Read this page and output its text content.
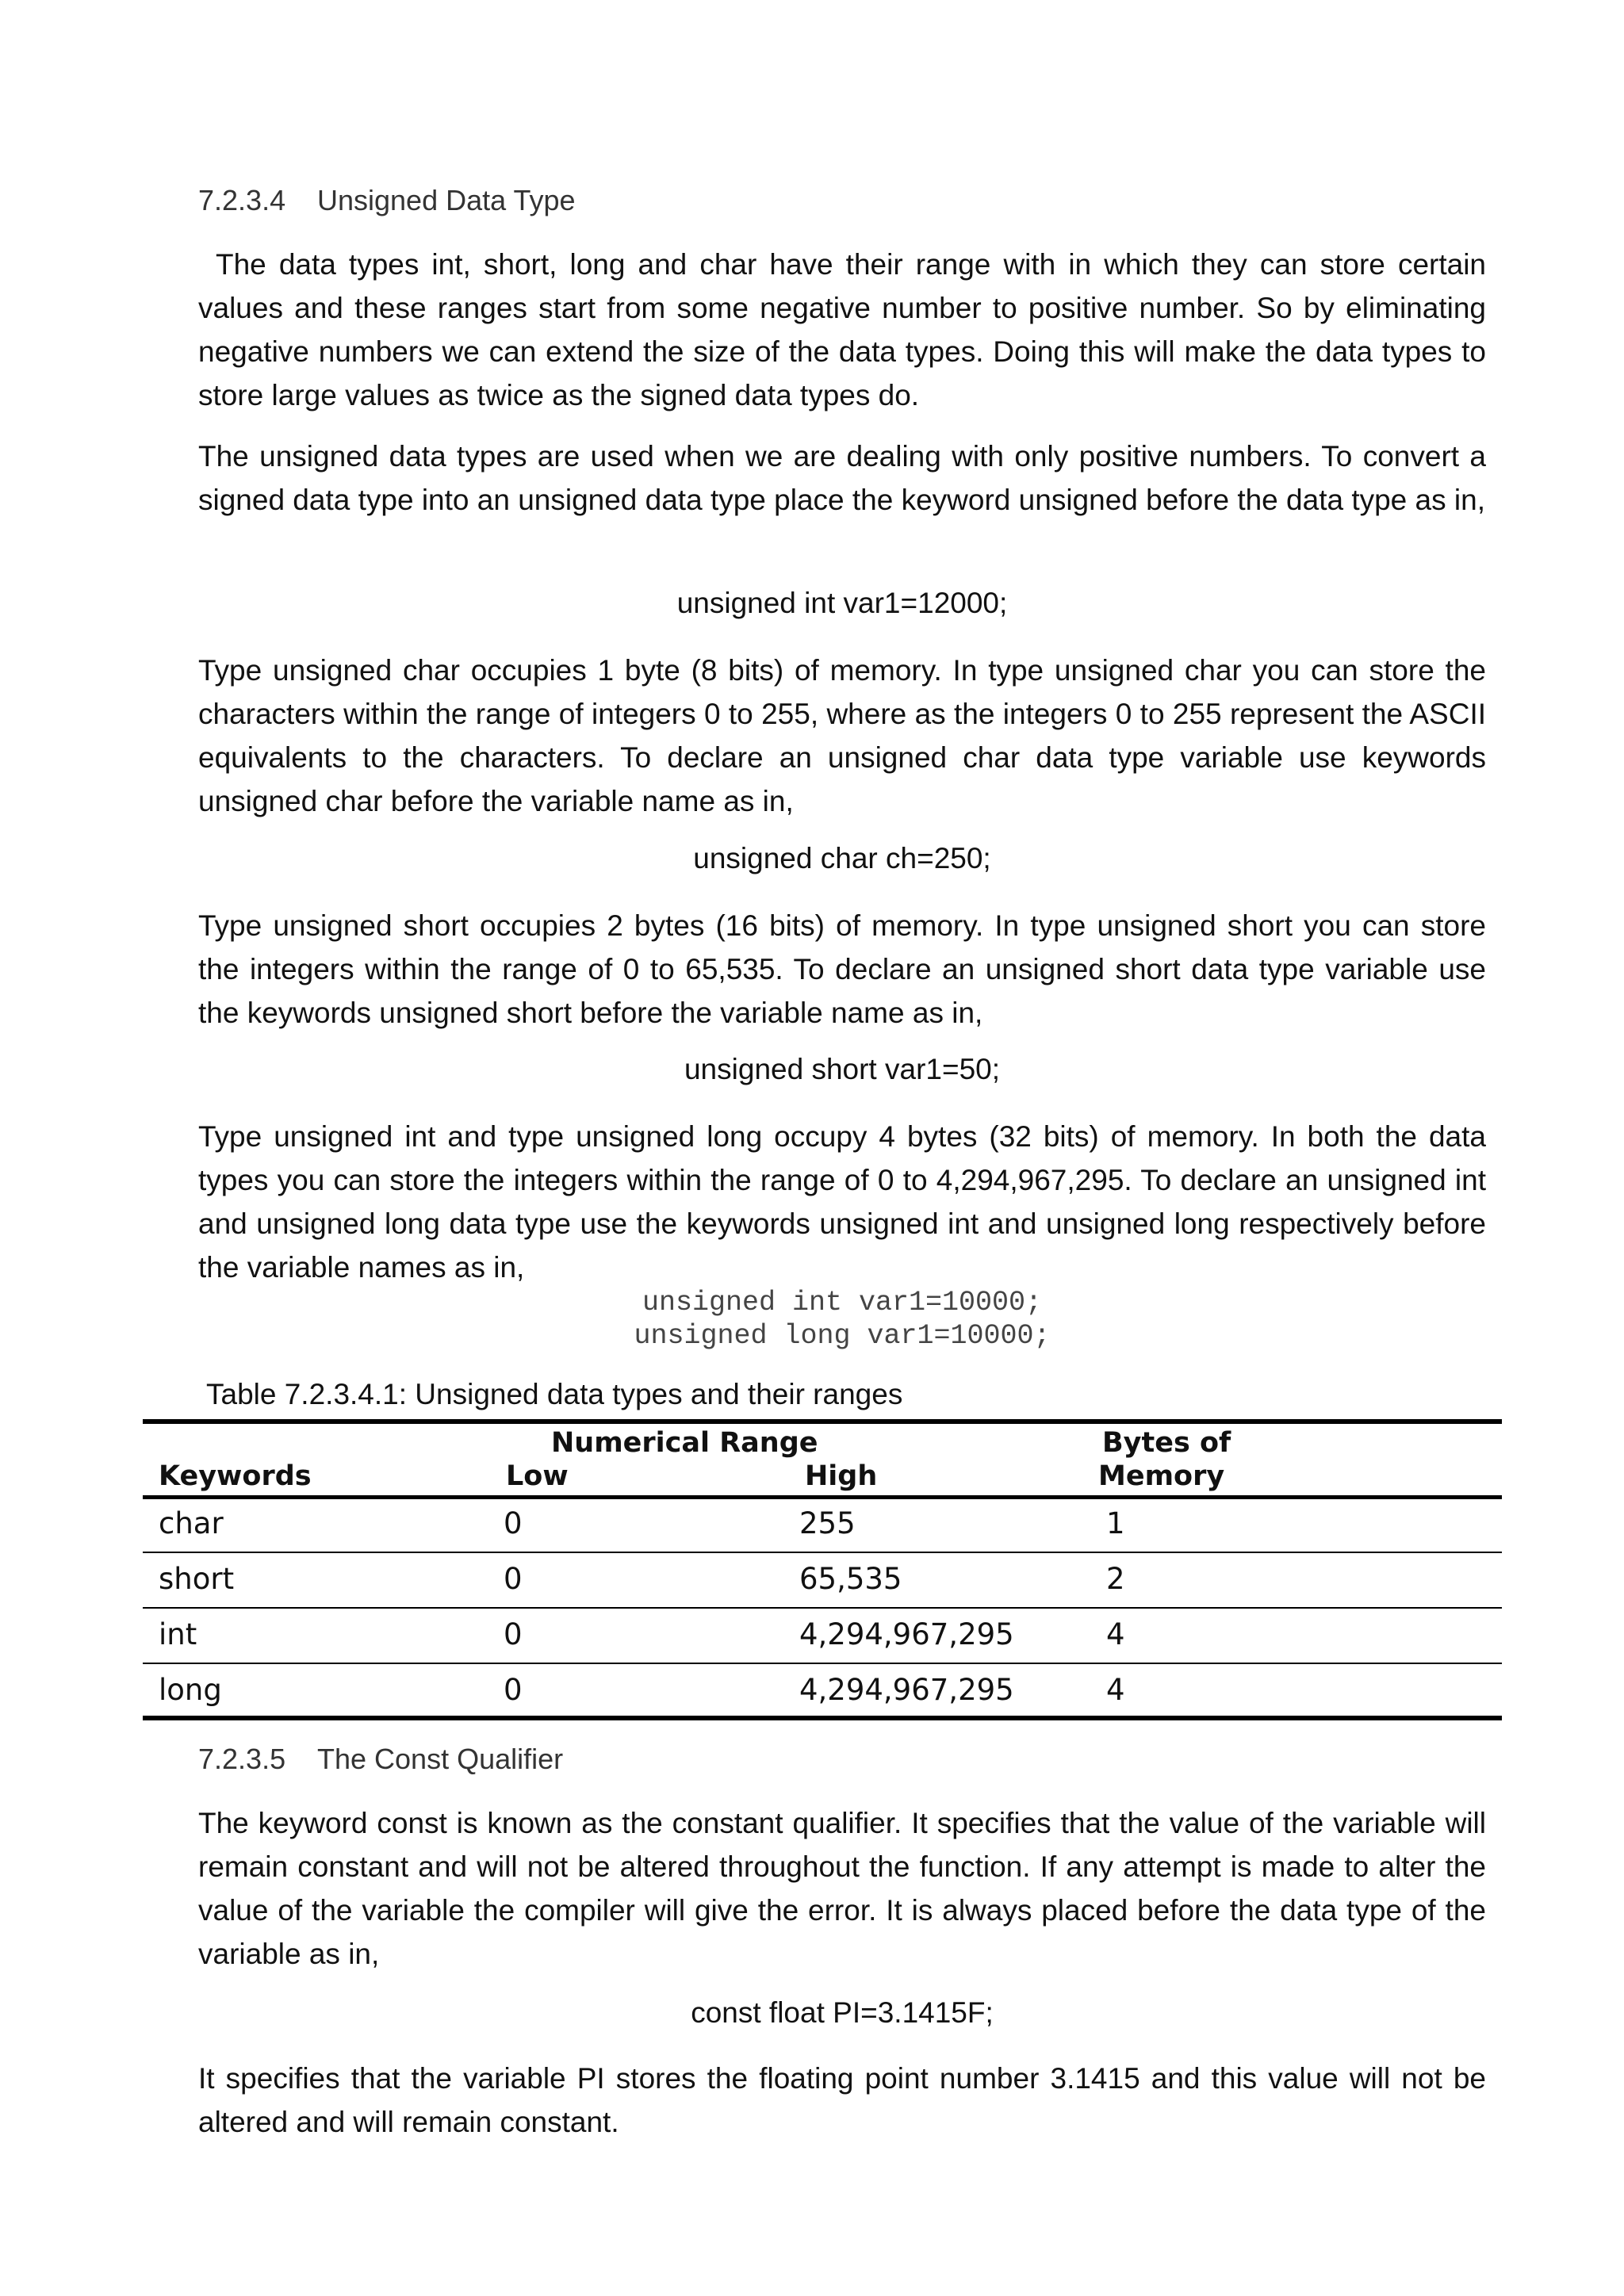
7.2.3.4 Unsigned Data Type
The data types int, short, long and char have their range with in which they can store certain values and these ranges start from some negative number to positive number. So by eliminating negative numbers we can extend the size of the data types. Doing this will make the data types to store large values as twice as the signed data types do.
The unsigned data types are used when we are dealing with only positive numbers. To convert a signed data type into an unsigned data type place the keyword unsigned before the data type as in,
unsigned int var1=12000;
Type unsigned char occupies 1 byte (8 bits) of memory. In type unsigned char you can store the characters within the range of integers 0 to 255, where as the integers 0 to 255 represent the ASCII equivalents to the characters. To declare an unsigned char data type variable use keywords unsigned char before the variable name as in,
unsigned char ch=250;
Type unsigned short occupies 2 bytes (16 bits) of memory. In type unsigned short you can store the integers within the range of 0 to 65,535. To declare an unsigned short data type variable use the keywords unsigned short before the variable name as in,
unsigned short var1=50;
Type unsigned int and type unsigned long occupy 4 bytes (32 bits) of memory. In both the data types you can store the integers within the range of 0 to 4,294,967,295. To declare an unsigned int and unsigned long data type use the keywords unsigned int and unsigned long respectively before the variable names as in,
unsigned int var1=10000;
unsigned long var1=10000;
Table 7.2.3.4.1: Unsigned data types and their ranges
Numerical Range	Bytes of
Keywords	Low	High	Memory
char	0	255	1
short	0	65,535	2
int	0	4,294,967,295	4
long	0	4,294,967,295	4
7.2.3.5 The Const Qualifier
The keyword const is known as the constant qualifier. It specifies that the value of the variable will remain constant and will not be altered throughout the function. If any attempt is made to alter the value of the variable the compiler will give the error. It is always placed before the data type of the variable as in,
const float PI=3.1415F;
It specifies that the variable PI stores the floating point number 3.1415 and this value will not be altered and will remain constant.
